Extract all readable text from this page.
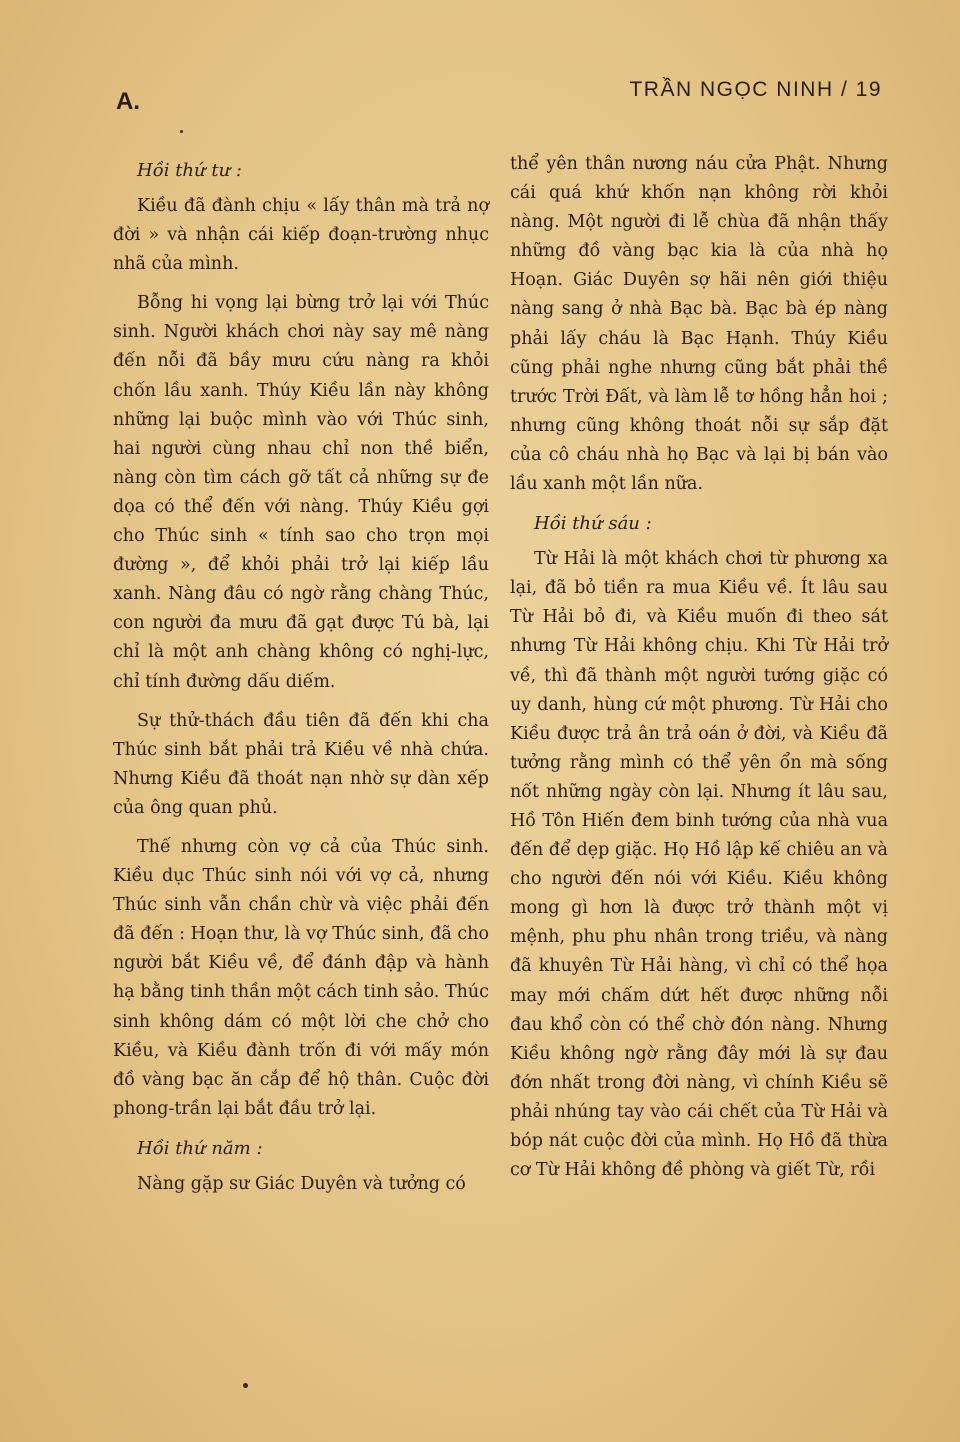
A.	TRẦN NGỌC NINH / 19
Hồi thứ tư :

Kiều đã đành chịu « lấy thân mà trả nợ đời » và nhận cái kiếp đoạn-trường nhục nhã của mình.

Bỗng hi vọng lại bừng trở lại với Thúc sinh. Người khách chơi này say mê nàng đến nỗi đã bầy mưu cứu nàng ra khỏi chốn lầu xanh. Thúy Kiều lần này không những lại buộc mình vào với Thúc sinh, hai người cùng nhau chỉ non thề biển, nàng còn tìm cách gỡ tất cả những sự đe dọa có thể đến với nàng. Thúy Kiều gợi cho Thúc sinh « tính sao cho trọn mọi đường », để khỏi phải trở lại kiếp lầu xanh. Nàng đâu có ngờ rằng chàng Thúc, con người đa mưu đã gạt được Tú bà, lại chỉ là một anh chàng không có nghị-lực, chỉ tính đường dấu diếm.

Sự thử-thách đầu tiên đã đến khi cha Thúc sinh bắt phải trả Kiều về nhà chứa. Nhưng Kiều đã thoát nạn nhờ sự dàn xếp của ông quan phủ.

Thế nhưng còn vợ cả của Thúc sinh. Kiều dục Thúc sinh nói với vợ cả, nhưng Thúc sinh vẫn chần chừ và việc phải đến đã đến : Hoạn thư, là vợ Thúc sinh, đã cho người bắt Kiều về, để đánh đập và hành hạ bằng tinh thần một cách tinh sảo. Thúc sinh không dám có một lời che chở cho Kiều, và Kiều đành trốn đi với mấy món đồ vàng bạc ăn cắp để hộ thân. Cuộc đời phong-trần lại bắt đầu trở lại.

Hồi thứ năm :

Nàng gặp sư Giác Duyên và tưởng có

thể yên thân nương náu cửa Phật. Nhưng cái quá khứ khốn nạn không rời khỏi nàng. Một người đi lễ chùa đã nhận thấy những đồ vàng bạc kia là của nhà họ Hoạn. Giác Duyên sợ hãi nên giới thiệu nàng sang ở nhà Bạc bà. Bạc bà ép nàng phải lấy cháu là Bạc Hạnh. Thúy Kiều cũng phải nghe nhưng cũng bắt phải thề trước Trời Đất, và làm lễ tơ hồng hẳn hoi ; nhưng cũng không thoát nỗi sự sắp đặt của cô cháu nhà họ Bạc và lại bị bán vào lầu xanh một lần nữa.

Hồi thứ sáu :

Từ Hải là một khách chơi từ phương xa lại, đã bỏ tiền ra mua Kiều về. Ít lâu sau Từ Hải bỏ đi, và Kiều muốn đi theo sát nhưng Từ Hải không chịu. Khi Từ Hải trở về, thì đã thành một người tướng giặc có uy danh, hùng cứ một phương. Từ Hải cho Kiều được trả ân trả oán ở đời, và Kiều đã tưởng rằng mình có thể yên ổn mà sống nốt những ngày còn lại. Nhưng ít lâu sau, Hồ Tôn Hiến đem binh tướng của nhà vua đến để dẹp giặc. Họ Hồ lập kế chiêu an và cho người đến nói với Kiều. Kiều không mong gì hơn là được trở thành một vị mệnh, phu phu nhân trong triều, và nàng đã khuyên Từ Hải hàng, vì chỉ có thể họa may mới chấm dứt hết được những nỗi đau khổ còn có thể chờ đón nàng. Nhưng Kiều không ngờ rằng đây mới là sự đau đớn nhất trong đời nàng, vì chính Kiều sẽ phải nhúng tay vào cái chết của Từ Hải và bóp nát cuộc đời của mình. Họ Hồ đã thừa cơ Từ Hải không đề phòng và giết Từ, rồi
